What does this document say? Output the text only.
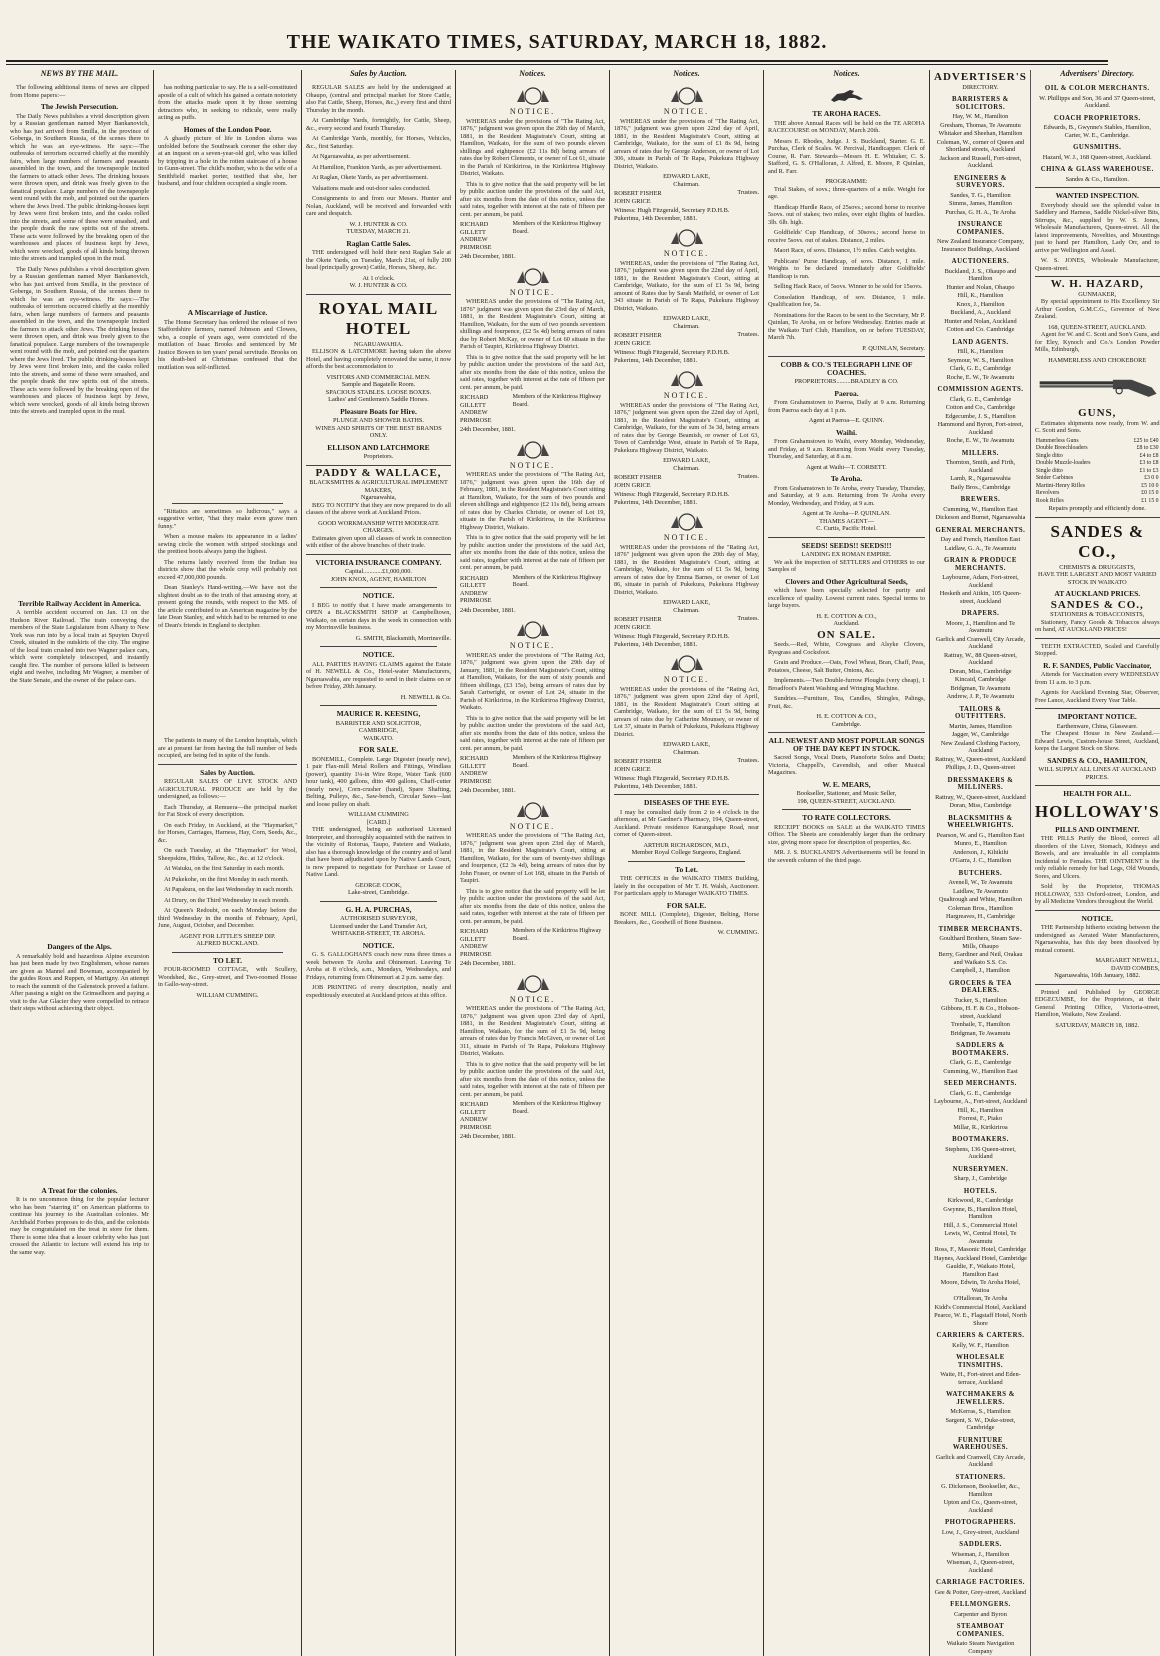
THE WAIKATO TIMES, SATURDAY, MARCH 18, 1882.
NEWS BY THE MAIL.
The following additional items of news are clipped from Home papers:—
The Jewish Persecution.
The Daily News publishes a vivid description given by a Russian gentleman named Myer Bankanovich, who has just arrived from Smilla, in the province of Goberga, in Southern Russia, of the scenes there to which he was an eye-witness. He says:—The outbreaks of terrorism occurred chiefly at the monthly fairs, when large numbers of farmers and peasants assembled in the town, and the townspeople incited the farmers to attack other Jews. The drinking houses were thrown open, and drink was freely given to the fanatical populace. Large numbers of the townspeople went round with the mob, and pointed out the quarters where the Jews lived. The public drinking-houses kept by Jews were first broken into, and the casks rolled into the streets, and some of these were smashed, and the people drank the raw spirits out of the streets. These acts were followed by the breaking open of the warehouses and places of business kept by Jews, which were wrecked, goods of all kinds being thrown into the streets and trampled upon in the mud.
The Daily News publishes a vivid description given by a Russian gentleman named Myer Bankanovich, who has just arrived from Smilla, in the province of Goberga, in Southern Russia, of the scenes there to which he was an eye-witness. He says:—The outbreaks of terrorism occurred chiefly at the monthly fairs, when large numbers of farmers and peasants assembled in the town, and the townspeople incited the farmers to attack other Jews. The drinking houses were thrown open, and drink was freely given to the fanatical populace. Large numbers of the townspeople went round with the mob, and pointed out the quarters where the Jews lived. The public drinking-houses kept by Jews were first broken into, and the casks rolled into the streets, and some of these were smashed, and the people drank the raw spirits out of the streets. These acts were followed by the breaking open of the warehouses and places of business kept by Jews, which were wrecked, goods of all kinds being thrown into the streets and trampled upon in the mud.
Terrible Railway Accident in America.
A terrible accident occurred on Jan. 13 on the Hudson River Railroad. The train conveying the members of the State Legislature from Albany to New York was run into by a local train at Spuyten Duyvil Creek, situated in the outskirts of the city. The engine of the local train crushed into two Wagner palace cars, which were completely telescoped, and instantly caught fire. The number of persons killed is between eight and twelve, including Mr Wagner, a member of the State Senate, and the owner of the palace cars.
Dangers of the Alps.
A remarkably bold and hazardous Alpine excursion has just been made by two Englishmen, whose names are given as Mannel and Bowman, accompanied by the guides Roux and Ruppen, of Martigny. An attempt to reach the summit of the Galenstock proved a failure. After passing a night on the Grimselhorn and paying a visit to the Aar Glacier they were compelled to retrace their steps without achieving their object.
A Treat for the colonies.
It is no uncommon thing for the popular lecturer who has been "starring it" on American platforms to continue his journey to the Australian colonies. Mr Archibald Forbes proposes to do this, and the colonists may be congratulated on the treat in store for them. There is some idea that a lesser celebrity who has just crossed the Atlantic to lecture will extend his trip to the same way.
has nothing particular to say. He is a self-constituted apostle of a cult of which his gained a certain notoriety from the attacks made upon it by those seeming detractors who, in seeking to ridicule, were really acting as puffs.
Homes of the London Poor.
A ghastly picture of life in London slums was unfolded before the Southwark coroner the other day at an inquest on a seven-year-old girl, who was killed by tripping in a hole in the rotten staircase of a house in Gunn-street. The child's mother, who is the wife of a Smithfield market porter, testified that she, her husband, and four children occupied a single room.
A Miscarriage of Justice.
The Home Secretary has ordered the release of two Staffordshire farmers, named Johnson and Clowes, who, a couple of years ago, were convicted of the mutilation of Isaac Brooks and sentenced by Mr Justice Bowen to ten years' penal servitude. Brooks on his death-bed at Christmas confessed that the mutilation was self-inflicted.
"Rittatics are sometimes so ludicrous," says a suggestive writer, "that they make even grave men funny."
When a mouse makes its appearance in a ladies' sewing circle the women with striped stockings and the prettiest boots always jump the highest.
The returns lately received from the Indian tea districts show that the whole crop will probably not exceed 47,000,000 pounds.
Dean Stanley's Hand-writing.—We have not the slightest doubt as to the truth of that amusing story, at present going the rounds, with respect to the MS. of the article contributed to an American magazine by the late Dean Stanley, and which had to be returned to one of Dean's friends in England to decipher.
The patients in many of the London hospitals, which are at present far from having the full number of beds occupied, are being fed in spite of the funds.
Sales by Auction.
REGULAR SALES OF LIVE STOCK AND AGRICULTURAL PRODUCE are held by the undersigned, as follows:—
Each Thursday, at Remuera—the principal market for Fat Stock of every description.
On each Friday, in Auckland, at the "Haymarket," for Horses, Carriages, Harness, Hay, Corn, Seeds, &c., &c.
On each Tuesday, at the "Haymarket" for Wool, Sheepskins, Hides, Tallow, &c., &c. at 12 o'clock.
At Waiuku, on the first Saturday in each month.
At Pukekohe, on the first Monday in each month.
At Papakura, on the last Wednesday in each month.
At Drury, on the Third Wednesday in each month.
At Queen's Redoubt, on each Monday before the third Wednesday in the months of February, April, June, August, October, and December.
AGENT FOR LITTLE'S SHEEP DIP.
ALFRED BUCKLAND.
TO LET.
FOUR-ROOMED COTTAGE, with Scullery, Woodshed, &c., Grey-street, and Two-roomed House in Gallo-way-street.
WILLIAM CUMMING.
Sales by Auction.
REGULAR SALES are held by the undersigned at Ohaupo, (central and principal market for Store Cattle, also Fat Cattle, Sheep, Horses, &c.,) every first and third Thursday in the month.
At Cambridge Yards, fortnightly, for Cattle, Sheep, &c., every second and fourth Thursday.
At Cambridge Yards, monthly, for Horses, Vehicles, &c., first Saturday.
At Ngaruawahia, as per advertisement.
At Hamilton, Frankton Yards, as per advertisement.
At Raglan, Okete Yards, as per advertisement.
Valuations made and out-door sales conducted.
Consignments to and from our Messrs. Hunter and Nolan, Auckland, will be received and forwarded with care and despatch.
W. J. HUNTER & CO.
TUESDAY, MARCH 21.
Raglan Cattle Sales.
THE undersigned will hold their next Raglan Sale at the Okete Yards, on Tuesday, March 21st, of fully 200 head (principally grown) Cattle, Horses, Sheep, &c.
At 1 o'clock.
W. J. HUNTER & CO.
ROYAL MAIL HOTEL
NGARUAWAHIA.
ELLISON & LATCHMORE having taken the above Hotel, and having completely renovated the same, it now affords the best accommodation to
VISITORS AND COMMERCIAL MEN.
Sample and Bagatelle Room.
SPACIOUS STABLES. LOOSE BOXES.
Ladies' and Gentlemen's Saddle Horses.
Pleasure Boats for Hire.
PLUNGE AND SHOWER BATHS.
WINES AND SPIRITS OF THE BEST BRANDS ONLY.
ELLISON AND LATCHMORE
Proprietors.
PADDY & WALLACE,
BLACKSMITHS & AGRICULTURAL IMPLEMENT MAKERS,
Ngaruawahia,
BEG TO NOTIFY that they are now prepared to do all classes of the above work at Auckland Prices.
GOOD WORKMANSHIP WITH MODERATE CHARGES.
Estimates given upon all classes of work in connection with either of the above branches of their trade.
VICTORIA INSURANCE COMPANY.
Capital............£1,000,000.
JOHN KNOX, AGENT, HAMILTON
NOTICE.
I BEG to notify that I have made arrangements to OPEN a BLACKSMITH SHOP at Campbelltown, Waikato, on certain days in the week in connection with my Morrinsville business.
G. SMITH, Blacksmith, Morrinsville.
NOTICE.
ALL PARTIES HAVING CLAIMS against the Estate of H. NEWELL & Co., Hotel-water Manufacturers, Ngaruawahia, are requested to send in their claims on or before Friday, 20th January.
H. NEWELL & Co.
MAURICE R. KEESING,
BARRISTER AND SOLICITOR,
CAMBRIDGE,
WAIKATO.
FOR SALE.
BONEMILL, Complete. Large Digester (nearly new), 1 pair Flax-mill Metal Rollers and Fittings, Windlass (power), quantity 1¼-in Wire Rope, Water Tank (600 hour tank), 400 gallons, ditto 400 gallons, Chaff-cutter (nearly new), Corn-crusher (hand), Spare Shafting, Belting, Pulleys, &c., Saw-bench, Circular Saws—last and loose pulley on shaft.
WILLIAM CUMMING
[CARD.]
THE undersigned, being an authorised Licensed Interpreter, and thoroughly acquainted with the natives in the vicinity of Rotorua, Taupo, Patetere and Waikato, also has a thorough knowledge of the country and of land that have been adjudicated upon by Native Lands Court, is now prepared to negotiate for Purchase or Lease of Native Land.
GEORGE COOK,
Lake-street, Cambridge.
G. H. A. PURCHAS,
AUTHORISED SURVEYOR,
Licensed under the Land Transfer Act,
WHITAKER-STREET, TE AROHA.
NOTICE.
G. S. GALLOGHAN'S coach now runs three times a week between Te Aroha and Ohinemuri. Leaving Te Aroha at 8 o'clock, a.m., Mondays, Wednesdays, and Fridays, returning from Ohinemuri at 2 p.m. same day.
JOB PRINTING of every description, neatly and expeditiously executed at Auckland prices at this office.
Notices.
NOTICE.
WHEREAS under the provisions of "The Rating Act, 1876," judgment was given upon the 26th day of March, 1881, in the Resident Magistrate's Court, sitting at Hamilton, Waikato, for the sum of two pounds eleven shillings and eightpence (£2 11s 8d) being arrears of rates due by Robert Clements, or owner of Lot 61, situate in the Parish of Kirikiriroa, in the Kirikiriroa Highway District, Waikato.
This is to give notice that the said property will be let by public auction under the provisions of the said Act, after six months from the date of this notice, unless the said rates, together with interest at the rate of fifteen per cent. per annum, be paid.
RICHARD GILLETT
ANDREW PRIMROSE
Members of the Kirikiriroa Highway Board.
24th December, 1881.
NOTICE.
WHEREAS under the provisions of "The Rating Act, 1876" judgment was given upon the 23rd day of March, 1881, in the Resident Magistrate's Court, sitting at Hamilton, Waikato, for the sum of two pounds seventeen shillings and fourpence, (£2 5s 4d) being arrears of rates due by Robert McKay, or owner of Lot 60 situate in the Parish of Taupiri, Kirikiriroa Highway District.
This is to give notice that the said property will be let by public auction under the provisions of the said Act, after six months from the date of this notice, unless the said rates, together with interest at the rate of fifteen per cent. per annum, be paid.
RICHARD GILLETT
ANDREW PRIMROSE
Members of the Kirikiriroa Highway Board.
24th December, 1881.
NOTICE.
WHEREAS under the provisions of "The Rating Act, 1876," judgment was given upon the 16th day of February, 1881, in the Resident Magistrate's Court sitting at Hamilton, Waikato, for the sum of two pounds and eleven shillings and eightpence (£2 11s 8d), being arrears of rates due by Charles Christie, or owner of Lot 19, situate in the Parish of Kirikiriroa, in the Kirikiriroa Highway District, Waikato.
This is to give notice that the said property will be let by public auction under the provisions of the said Act, after six months from the date of this notice, unless the said rates, together with interest at the rate of fifteen per cent. per annum, be paid.
RICHARD GILLETT
ANDREW PRIMROSE
Members of the Kirikiriroa Highway Board.
24th December, 1881.
NOTICE.
WHEREAS under the provisions of "The Rating Act, 1876," judgment was given upon the 29th day of January, 1881, in the Resident Magistrate's Court, sitting at Hamilton, Waikato, for the sum of sixty pounds and fifteen shillings, (£3 15s), being arrears of rates due by Sarah Cartwright, or owner of Lot 24, situate in the Parish of Kirikiriroa, in the Kirikiriroa Highway District, Waikato.
This is to give notice that the said property will be let by public auction under the provisions of the said Act, after six months from the date of this notice, unless the said rates, together with interest at the rate of fifteen per cent. per annum, be paid.
RICHARD GILLETT
ANDREW PRIMROSE
Members of the Kirikiriroa Highway Board.
24th December, 1881.
NOTICE.
WHEREAS under the provisions of "The Rating Act, 1876," judgment was given upon 23rd day of March, 1881, in the Resident Magistrate's Court, sitting at Hamilton, Waikato, for the sum of twenty-two shillings and fourpence, (£2 3s 4d), being arrears of rates due by John Fraser, or owner of Lot 168, situate in the Parish of Taupiri.
This is to give notice that the said property will be let by public auction under the provisions of the said Act, after six months from the date of this notice, unless the said rates, together with interest at the rate of fifteen per cent. per annum, be paid.
RICHARD GILLETT
ANDREW PRIMROSE
Members of the Kirikiriroa Highway Board.
24th December, 1881.
NOTICE.
WHEREAS under the provisions of "The Rating Act, 1876," judgment was given upon 23rd day of April, 1881, in the Resident Magistrate's Court, sitting at Hamilton, Waikato, for the sum of £1 5s 9d, being arrears of rates due by Francis McGiven, or owner of Lot 311, situate in Parish of Te Rapa, Pukekura Highway District, Waikato.
This is to give notice that the said property will be let by public auction under the provisions of the said Act, after six months from the date of this notice, unless the said rates, together with interest at the rate of fifteen per cent. per annum, be paid.
RICHARD GILLETT
ANDREW PRIMROSE
Members of the Kirikiriroa Highway Board.
24th December, 1881.
Notices.
NOTICE.
WHEREAS under the provisions of "The Rating Act, 1876," judgment was given upon 22nd day of April, 1881, in the Resident Magistrate's Court, sitting at Cambridge, Waikato, for the sum of £1 8s 9d, being arrears of rates due by George Anderson, or owner of Lot 306, situate in Parish of Te Rapa, Pukekura Highway District, Waikato.
EDWARD LAKE,
Chairman.
ROBERT FISHER
JOHN GRICE
Trustees.
Witness: Hugh Fitzgerald, Secretary P.D.H.B.
Pukerimu, 14th December, 1881.
NOTICE.
WHEREAS, under the provisions of "The Rating Act, 1876," judgment was given upon the 22nd day of April, 1881, in the Resident Magistrate's Court, sitting at Cambridge, Waikato, for the sum of £1 5s 9d, being amount of Rates due by Sarah Matfield, or owner of Lot 343 situate in Parish of Te Rapa, Pukekura Highway District, Waikato.
EDWARD LAKE,
Chairman.
ROBERT FISHER
JOHN GRICE
Trustees.
Witness: Hugh Fitzgerald, Secretary P.D.H.B.
Pukerimu, 14th December, 1881.
NOTICE.
WHEREAS under the provisions of "The Rating Act, 1876," judgment was given upon the 22nd day of April, 1881, in the Resident Magistrate's Court, sitting at Cambridge, Waikato, for the sum of 3s 3d, being arrears of rates due by George Beamish, or owner of Lot 63, Town of Cambridge West, situate in Parish of Te Rapa, Pukekura Highway District, Waikato.
EDWARD LAKE,
Chairman.
ROBERT FISHER
JOHN GRICE
Trustees.
Witness: Hugh Fitzgerald, Secretary P.D.H.B.
Pukerimu, 14th December, 1881.
NOTICE.
WHEREAS under the provisions of the "Rating Act, 1876" judgment was given upon the 20th day of May, 1881, in the Resident Magistrate's Court, sitting at Cambridge, Waikato, for the sum of £1 5s 9d, being arrears of rates due by Emma Barnes, or owner of Lot 86, situate in parish of Pukekura, Pukekura Highway District, Waikato.
EDWARD LAKE,
Chairman.
ROBERT FISHER
JOHN GRICE
Trustees.
Witness: Hugh Fitzgerald, Secretary P.D.H.B.
Pukerimu, 14th December, 1881.
NOTICE.
WHEREAS under the provisions of the "Rating Act, 1876," judgment was given upon 22nd day of April, 1881, in the Resident Magistrate's Court sitting at Cambridge, Waikato, for the sum of £1 5s 9d, being arrears of rates due by Catherine Mounsey, or owner of Lot 37, situate in Parish of Pukekura, Pukekura Highway District.
EDWARD LAKE,
Chairman.
ROBERT FISHER
JOHN GRICE
Trustees.
Witness: Hugh Fitzgerald, Secretary P.D.H.B.
Pukerimu, 14th December, 1881.
DISEASES OF THE EYE.
I may be consulted daily from 2 to 4 o'clock in the afternoon, at Mr Gardner's Pharmacy, 194, Queen-street, Auckland. Private residence Karangahape Road, near corner of Queen-street.
ARTHUR RICHARDSON, M.D.,
Member Royal College Surgeons, England.
To Let.
THE OFFICES in the WAIKATO TIMES Building, lately in the occupation of Mr T. H. Walsh, Auctioneer. For particulars apply to Manager WAIKATO TIMES.
FOR SALE.
BONE MILL (Complete), Digester, Belting, Horse Breakers, &c., Goodwill of Bone Business.
W. CUMMING.
Notices.
TE AROHA RACES.
THE above Annual Races will be held on the TE AROHA RACECOURSE on MONDAY, March 20th.
Messrs E. Rhodes, Judge. J. S. Buckland, Starter. G. E. Purchas, Clerk of Scales. W. Percival, Handicapper. Clerk of Course, R. Farr. Stewards—Messrs H. E. Whitaker, C. S. Stafford, G. S. O'Halloran, J. Alfred, E. Moore, P. Quinlan, and R. Farr.
PROGRAMME:
Trial Stakes, of sovs.; three-quarters of a mile. Weight for age.
Handicap Hurdle Race, of 25sovs.; second horse to receive 5sovs. out of stakes; two miles, over eight flights of hurdles. 3lb. 6lb. high.
Goldfields' Cup Handicap, of 30sovs.; second horse to receive 5sovs. out of stakes. Distance, 2 miles.
Maori Race, of sovs. Distance, 1½ miles. Catch weights.
Publicans' Purse Handicap, of sovs. Distance, 1 mile. Weights to be declared immediately after Goldfields' Handicap is run.
Selling Hack Race, of 5sovs. Winner to be sold for 15sovs.
Consolation Handicap, of sov. Distance, 1 mile. Qualification fee, 5s.
Nominations for the Races to be sent to the Secretary, Mr P. Quinlan, Te Aroha, on or before Wednesday. Entries made at the Waikato Turf Club, Hamilton, on or before TUESDAY, March 7th.
P. QUINLAN, Secretary.
COBB & CO.'S TELEGRAPH LINE OF COACHES.
PROPRIETORS.........BRADLEY & CO.
Paeroa.
From Grahamstown to Paeroa, Daily at 9 a.m. Returning from Paeroa each day at 1 p.m.
Agent at Paeroa—E. QUINN.
Waihi.
From Grahamstown to Waihi, every Monday, Wednesday, and Friday, at 9 a.m. Returning from Waihi every Tuesday, Thursday, and Saturday, at 8 a.m.
Agent at Waihi—T. CORBETT.
Te Aroha.
From Grahamstown to Te Aroha, every Tuesday, Thursday, and Saturday, at 9 a.m. Returning from Te Aroha every Monday, Wednesday, and Friday, at 9 a.m.
Agent at Te Aroha—P. QUINLAN.
THAMES AGENT—
C. Curtis, Pacific Hotel.
SEEDS! SEEDS!! SEEDS!!!
LANDING EX ROMAN EMPIRE.
We ask the inspection of SETTLERS and OTHERS to our Samples of
Clovers and Other Agricultural Seeds,
which have been specially selected for purity and excellence of quality. Lowest current rates. Special terms to large buyers.
H. E. COTTON & CO.,
Auckland.
ON SALE.
Seeds.—Red, White, Cowgrass and Alsyke Clovers, Ryegrass and Cocksfoot.
Grain and Produce.—Oats, Fowl Wheat, Bran, Chaff, Peas, Potatoes, Cheese, Salt Butter, Onions, &c.
Implements.—Two Double-furrow Ploughs (very cheap), 1 Broadfoot's Patent Washing and Wringing Machine.
Sundries.—Furniture, Tea, Candles, Shingles, Palings, Fruit, &c.
H. E. COTTON & CO.,
Cambridge.
ALL NEWEST AND MOST POPULAR SONGS OF THE DAY KEPT IN STOCK.
Sacred Songs, Vocal Duets, Pianoforte Solos and Duets; Victoria, Chappell's, Cavendish, and other Musical Magazines.
W. E. MEARS,
Bookseller, Stationer, and Music Seller,
198, QUEEN-STREET, AUCKLAND.
TO RATE COLLECTORS.
RECEIPT BOOKS on SALE at the WAIKATO TIMES Office. The Sheets are considerably larger than the ordinary size, giving more space for description of properties, &c.
MR. J. S. BUCKLAND'S Advertisements will be found in the seventh column of the third page.
ADVERTISER'S
DIRECTORY.
BARRISTERS & SOLICITORS.
Hay, W. M., Hamilton
Gresham, Thomas, Te Awamutu
Whitaker and Sheehan, Hamilton
Coleman, W., corner of Queen and Shortland streets, Auckland
Jackson and Russell, Fort-street, Auckland.
ENGINEERS & SURVEYORS.
Sandes, T. G., Hamilton
Simms, James, Hamilton
Purchas, G. H. A., Te Aroha
INSURANCE COMPANIES.
New Zealand Insurance Company, Insurance Buildings, Auckland
AUCTIONEERS.
Buckland, J. S., Ohaupo and Hamilton
Hunter and Nolan, Ohaupo
Hill, K., Hamilton
Knox, J., Hamilton
Buckland, A., Auckland
Hunter and Nolan, Auckland
Cotton and Co. Cambridge
LAND AGENTS.
Hill, K., Hamilton
Seymour, W. S., Hamilton
Clark, G. E., Cambridge
Roche, E. W., Te Awamutu
COMMISSION AGENTS.
Clark, G. E., Cambridge
Cotton and Co., Cambridge
Edgecumbe, J. S., Hamilton
Hammond and Byron, Fort-street, Auckland
Roche, E. W., Te Awamutu
MILLERS.
Thornton, Smith, and Firth, Auckland
Lamb, R., Ngaruawahia
Baily Bros., Cambridge
BREWERS.
Cumming, W., Hamilton East
Dickeson and Burnet, Ngaruawahia
GENERAL MERCHANTS.
Day and French, Hamilton East
Laidlaw, G. A., Te Awamutu
GRAIN & PRODUCE MERCHANTS.
Laybourne, Adam, Fort-street, Auckland
Hesketh and Aitkin, 105 Queen-street, Auckland
DRAPERS.
Moore, J., Hamilton and Te Awamutu
Garlick and Cranwell, City Arcade, Auckland
Rattray, W., 88 Queen-street, Auckland
Doran, Miss, Cambridge
Kincaid, Cambridge
Bridgman, Te Awamutu
Andrew, J. P., Te Awamutu
TAILORS & OUTFITTERS.
Martin, James, Hamilton
Jagger, W., Cambridge
New Zealand Clothing Factory, Auckland
Rattray, W., Queen-street, Auckland
Phillips, J. D., Queen-street
DRESSMAKERS & MILLINERS.
Rattray, W., Queen-street, Auckland
Doran, Miss, Cambridge
BLACKSMITHS & WHEELWRIGHTS.
Pearson, W. and G., Hamilton East
Munro, E., Hamilton
Anderson, J., Kihikihi
O'Garra, J. C., Hamilton
BUTCHERS.
Avenell, W., Te Awamutu
Laidlaw, Te Awamutu
Qualtrough and White, Hamilton
Coleman Bros., Hamilton
Hargreaves, H., Cambridge
TIMBER MERCHANTS.
Goulthard Brothers, Steam Saw-Mills, Ohaupo
Berry, Gardiner and Neil, Orakau and Waikato S.S. Co.
Campbell, J., Hamilton
GROCERS & TEA DEALERS.
Tucker, S., Hamilton
Gibbons, H. F. & Co., Hobson-street, Auckland
Trenhaile, T., Hamilton
Bridgman, Te Awamutu
SADDLERS & BOOTMAKERS.
Clark, G. E., Cambridge
Cumming, W., Hamilton East
SEED MERCHANTS.
Clark, G. E., Cambridge
Laybourne, A., Fort-street, Auckland
Hill, K., Hamilton
Forrest, F., Piako
Millar, R., Kirikiriroa
BOOTMAKERS.
Stephens, 136 Queen-street, Auckland
NURSERYMEN.
Sharp, J., Cambridge
HOTELS.
Kirkwood, R., Cambridge
Gwynne, B., Hamilton Hotel, Hamilton
Hill, J. S., Commercial Hotel
Lewis, W., Central Hotel, Te Awamutu
Ross, F., Masonic Hotel, Cambridge
Haynes, Auckland Hotel, Cambridge
Gauldie, F., Waikato Hotel, Hamilton East
Moore, Edwin, Te Aroha Hotel, Waitoa
O'Halloran, Te Aroha
Kidd's Commercial Hotel, Auckland
Pearce, W. E., Flagstaff Hotel, North Shore
CARRIERS & CARTERS.
Kelly, W. F., Hamilton
WHOLESALE TINSMITHS.
Waite, H., Fort-street and Eden-terrace, Auckland
WATCHMAKERS & JEWELLERS.
McKerras, S., Hamilton
Sargent, S. W., Duke-street, Cambridge
FURNITURE WAREHOUSES.
Garlick and Cranwell, City Arcade, Auckland
STATIONERS.
G. Dickenson, Bookseller, &c., Hamilton
Upton and Co., Queen-street, Auckland
PHOTOGRAPHERS.
Low, J., Grey-street, Auckland
SADDLERS.
Wiseman, J., Hamilton
Wiseman, J., Queen-street, Auckland
CARRIAGE FACTORIES.
Gee & Potter, Grey-street, Auckland
FELLMONGERS.
Carpenter and Byron
STEAMBOAT COMPANIES.
Waikato Steam Navigation Company
Advertisers' Directory.
OIL & COLOR MERCHANTS.
W. Phillipps and Son, 36 and 37 Queen-street, Auckland.
COACH PROPRIETORS.
Edwards, B., Gwynne's Stables, Hamilton, Carter, W. E., Cambridge.
GUNSMITHS.
Hazard, W. J., 168 Queen-street, Auckland.
CHINA & GLASS WAREHOUSE.
Sandes & Co., Hamilton.
WANTED INSPECTION.
Everybody should see the splendid value in Saddlery and Harness, Saddle Nickel-silver Bits, Stirrups, &c., supplied by W. S. Jones, Wholesale Manufacturers, Queen-street. All the latest improvements, Novelties, and Mountings just to hand per Hamilton, Lady Orr, and to arrive per Wellington and Assel.
W. S. JONES, Wholesale Manufacturer, Queen-street.
W. H. HAZARD,
GUNMAKER,
By special appointment to His Excellency Sir Arthur Gordon, G.M.C.G., Governor of New Zealand.
168, QUEEN-STREET, AUCKLAND.
Agent for W. and C. Scott and Son's Guns, and for Eley, Kynoch and Co.'s London Powder Mills, Edinburgh,
HAMMERLESS AND CHOKEBORE
GUNS,
Estimates shipments now ready, from W. and C. Scott and Sons.
Hammerless Guns	£25 to £40
Double Breechloaders	£8 to £30
Single ditto	£4 to £8
Double Muzzle-loaders	£3 to £8
Single ditto	£1 to £3
Snider Carbines	£3 0 0
Martini-Henry Rifles	£5 10 0
Revolvers	£0 15 0
Rook Rifles	£1 15 0
Repairs promptly and efficiently done.
SANDES & CO.,
CHEMISTS & DRUGGISTS,
HAVE THE LARGEST AND MOST VARIED STOCK IN WAIKATO
AT AUCKLAND PRICES.
SANDES & CO.,
STATIONERS & TOBACCONISTS,
Stationery, Fancy Goods & Tobaccos always on hand, AT AUCKLAND PRICES!
TEETH EXTRACTED, Scaled and Carefully Stopped.
R. F. SANDES, Public Vaccinator,
Attends for Vaccination every WEDNESDAY from 11 a.m. to 3 p.m.
Agents for Auckland Evening Star, Observer, Free Lance, Auckland Every Year Table.
IMPORTANT NOTICE.
Earthenware, China, Glassware.
The Cheapest House in New Zealand.—Edward Lewis, Custom-house Street, Auckland, keeps the Largest Stock on Show.
SANDES & CO., HAMILTON,
WILL SUPPLY ALL LINES AT AUCKLAND PRICES.
HEALTH FOR ALL.
HOLLOWAY'S
PILLS AND OINTMENT.
THE PILLS Purify the Blood, correct all disorders of the Liver, Stomach, Kidneys and Bowels, and are invaluable in all complaints incidental to Females. THE OINTMENT is the only reliable remedy for bad Legs, Old Wounds, Sores, and Ulcers.
Sold by the Proprietor, THOMAS HOLLOWAY, 533 Oxford-street, London, and by all Medicine Vendors throughout the World.
NOTICE.
THE Partnership hitherto existing between the undersigned as Aerated Water Manufacturers, Ngaruawahia, has this day been dissolved by mutual consent.
MARGARET NEWELL,
DAVID COMBES,
Ngaruawahia, 16th January, 1882.
Printed and Published by GEORGE EDGECUMBE, for the Proprietors, at their General Printing Office, Victoria-street, Hamilton, Waikato, New Zealand.
SATURDAY, MARCH 18, 1882.
